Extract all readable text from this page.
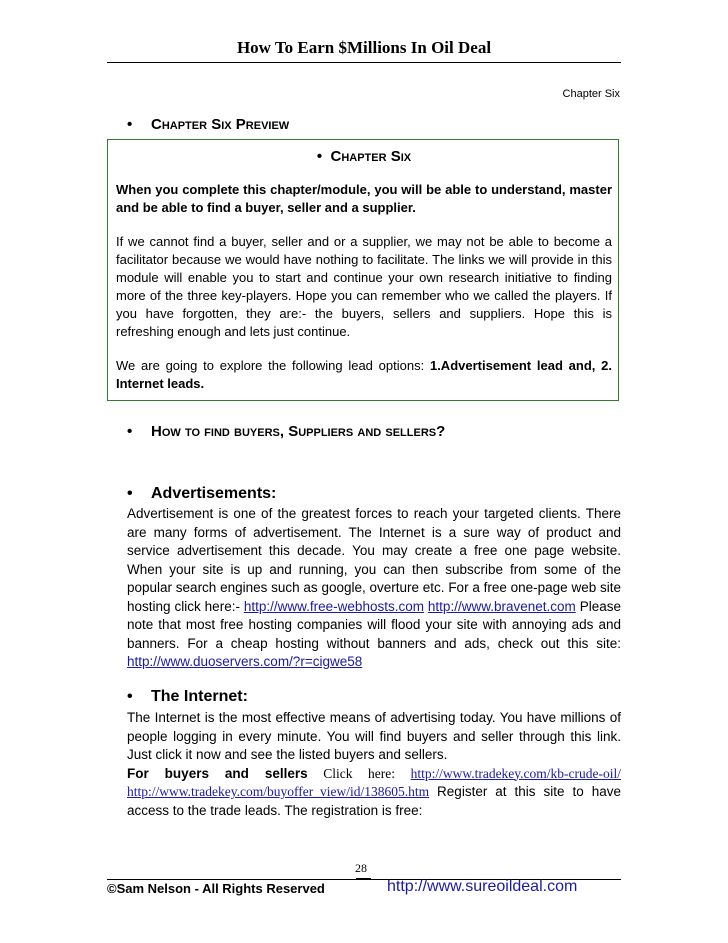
How To Earn $Millions In Oil Deal
Chapter Six
• Chapter Six Preview
•  Chapter Six

When you complete this chapter/module, you will be able to understand, master and be able to find a buyer, seller and a supplier.

If we cannot find a buyer, seller and or a supplier, we may not be able to become a facilitator because we would have nothing to facilitate. The links we will provide in this module will enable you to start and continue your own research initiative to finding more of the three key-players. Hope you can remember who we called the players. If you have forgotten, they are:- the buyers, sellers and suppliers. Hope this is refreshing enough and lets just continue.

We are going to explore the following lead options: 1.Advertisement lead and, 2. Internet leads.

• How to find buyers, Suppliers and sellers?
• Advertisements:

Advertisement is one of the greatest forces to reach your targeted clients. There are many forms of advertisement. The Internet is a sure way of product and service advertisement this decade. You may create a free one page website. When your site is up and running, you can then subscribe from some of the popular search engines such as google, overture etc. For a free one-page web site hosting click here:- http://www.free-webhosts.com http://www.bravenet.com Please note that most free hosting companies will flood your site with annoying ads and banners. For a cheap hosting without banners and ads, check out this site: http://www.duoservers.com/?r=cigwe58

• The Internet:

The Internet is the most effective means of advertising today. You have millions of people logging in every minute. You will find buyers and seller through this link. Just click it now and see the listed buyers and sellers.
For buyers and sellers Click here: http://www.tradekey.com/kb-crude-oil/ http://www.tradekey.com/buyoffer_view/id/138605.htm Register at this site to have access to the trade leads. The registration is free:

28
©Sam Nelson - All Rights Reserved	http://www.sureoildeal.com
